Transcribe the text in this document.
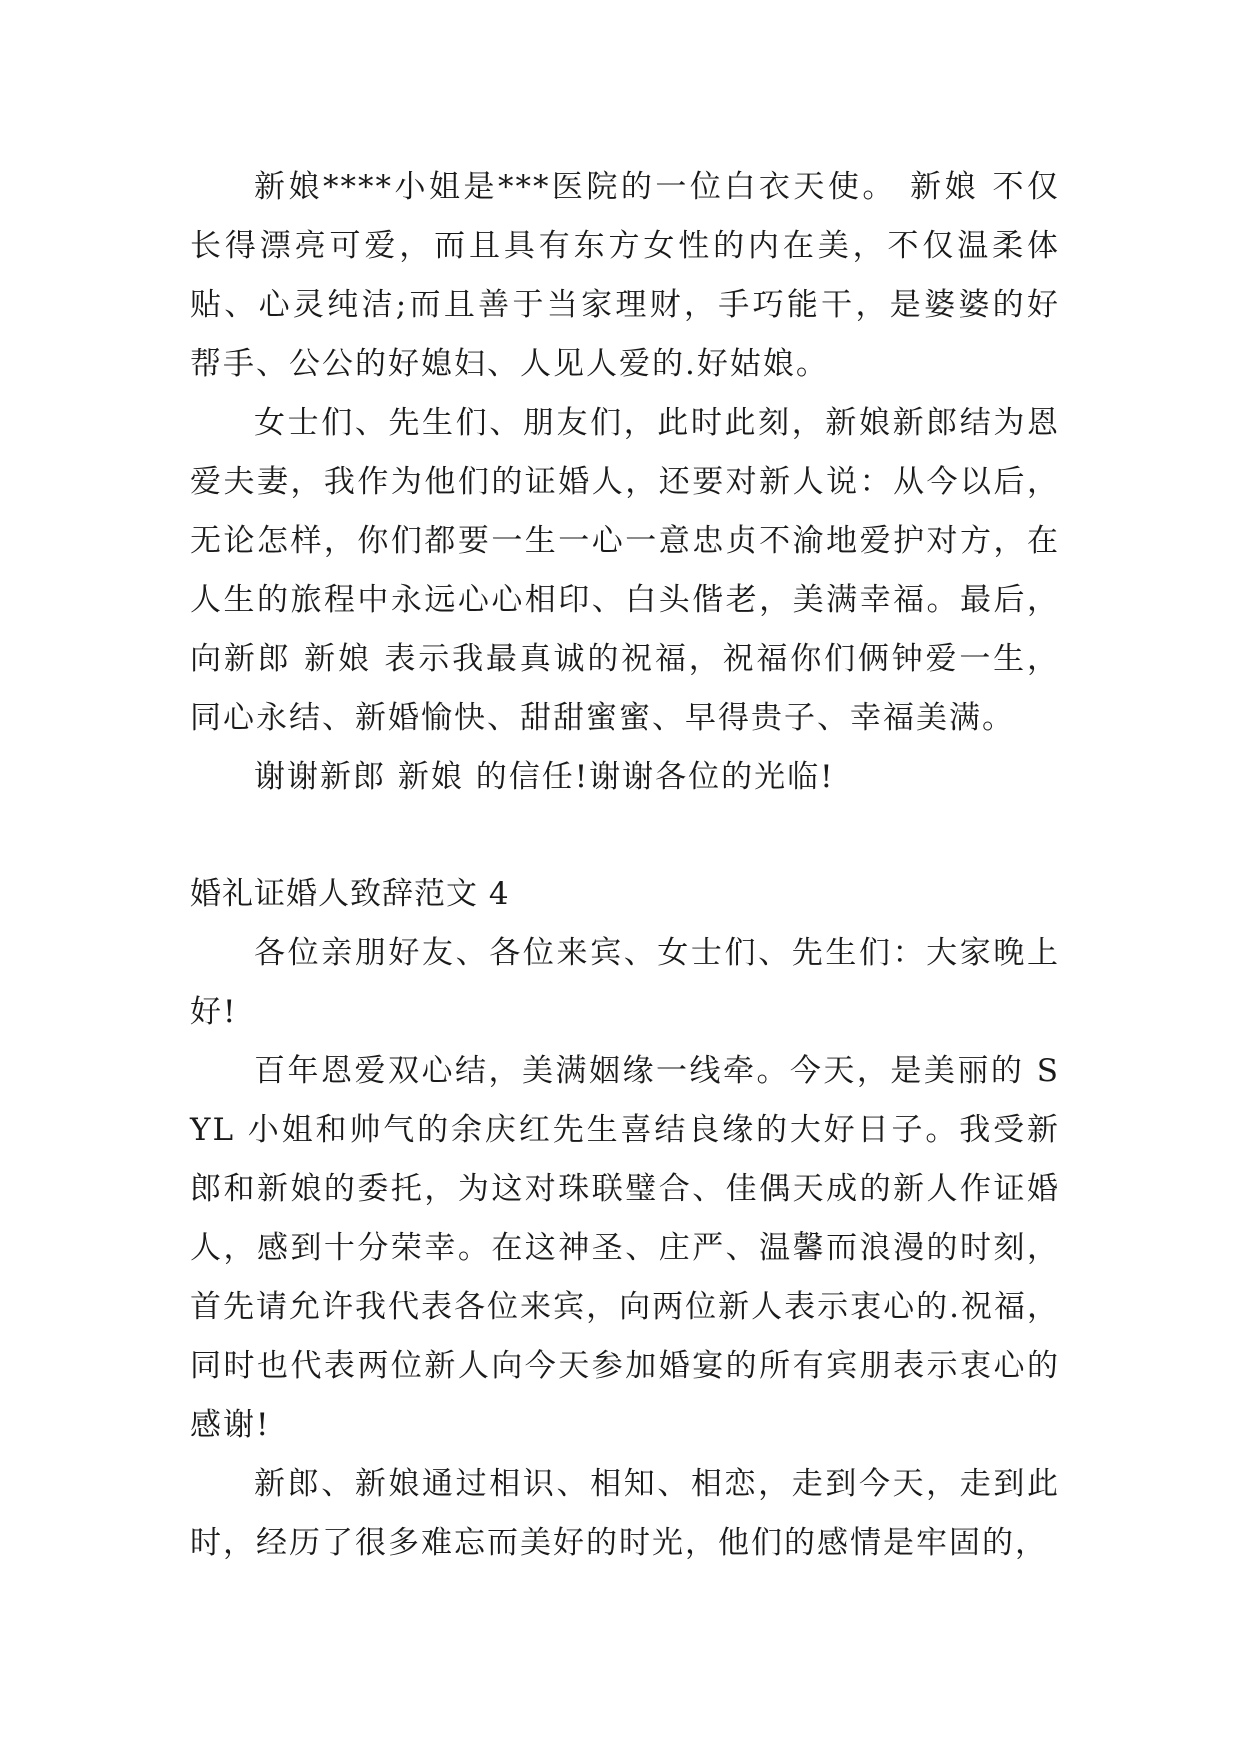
新娘****小姐是***医院的一位白衣天使。 新娘 不仅长得漂亮可爱，而且具有东方女性的内在美，不仅温柔体贴、心灵纯洁;而且善于当家理财，手巧能干，是婆婆的好帮手、公公的好媳妇、人见人爱的.好姑娘。

女士们、先生们、朋友们，此时此刻，新娘新郎结为恩爱夫妻，我作为他们的证婚人，还要对新人说：从今以后，无论怎样，你们都要一生一心一意忠贞不渝地爱护对方，在人生的旅程中永远心心相印、白头偕老，美满幸福。最后，向新郎 新娘 表示我最真诚的祝福，祝福你们俩钟爱一生，同心永结、新婚愉快、甜甜蜜蜜、早得贵子、幸福美满。

谢谢新郎 新娘 的信任!谢谢各位的光临!

婚礼证婚人致辞范文 4

各位亲朋好友、各位来宾、女士们、先生们：大家晚上好!

百年恩爱双心结，美满姻缘一线牵。今天，是美丽的 SYL 小姐和帅气的余庆红先生喜结良缘的大好日子。我受新郎和新娘的委托，为这对珠联璧合、佳偶天成的新人作证婚人，感到十分荣幸。在这神圣、庄严、温馨而浪漫的时刻，首先请允许我代表各位来宾，向两位新人表示衷心的.祝福，同时也代表两位新人向今天参加婚宴的所有宾朋表示衷心的感谢!

新郎、新娘通过相识、相知、相恋，走到今天，走到此时，经历了很多难忘而美好的时光，他们的感情是牢固的，
